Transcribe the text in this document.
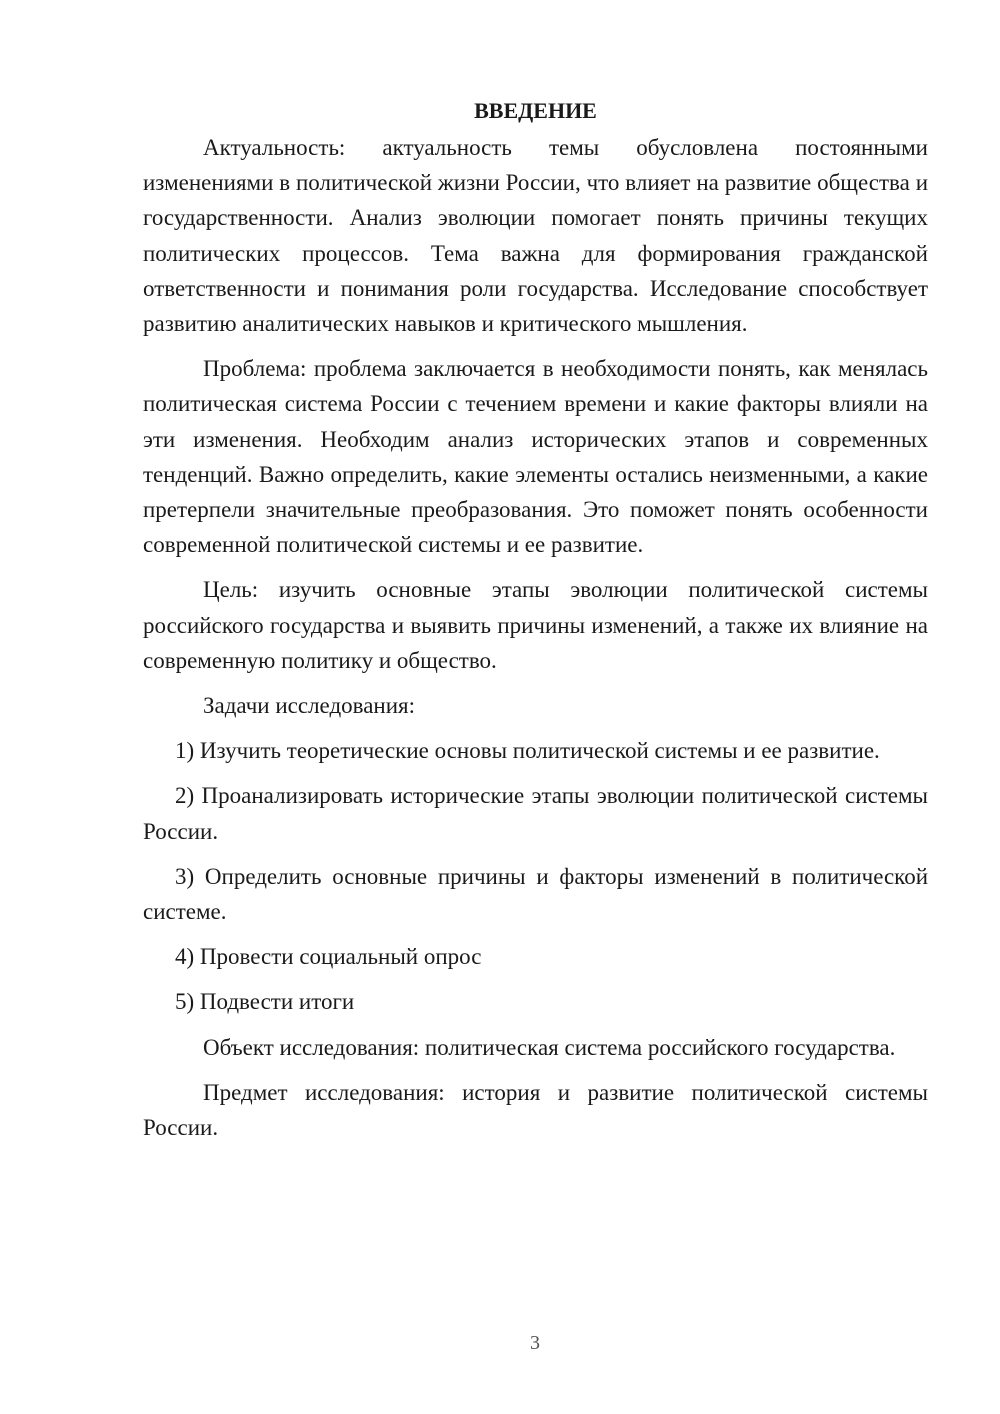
ВВЕДЕНИЕ

Актуальность: актуальность темы обусловлена постоянными изменениями в политической жизни России, что влияет на развитие общества и государственности. Анализ эволюции помогает понять причины текущих политических процессов. Тема важна для формирования гражданской ответственности и понимания роли государства. Исследование способствует развитию аналитических навыков и критического мышления.

Проблема: проблема заключается в необходимости понять, как менялась политическая система России с течением времени и какие факторы влияли на эти изменения. Необходим анализ исторических этапов и современных тенденций. Важно определить, какие элементы остались неизменными, а какие претерпели значительные преобразования. Это поможет понять особенности современной политической системы и ее развитие.

Цель: изучить основные этапы эволюции политической системы российского государства и выявить причины изменений, а также их влияние на современную политику и общество.

Задачи исследования:

1) Изучить теоретические основы политической системы и ее развитие.

2) Проанализировать исторические этапы эволюции политической системы России.

3) Определить основные причины и факторы изменений в политической системе.

4) Провести социальный опрос

5) Подвести итоги

Объект исследования: политическая система российского государства.

Предмет исследования: история и развитие политической системы России.

3
